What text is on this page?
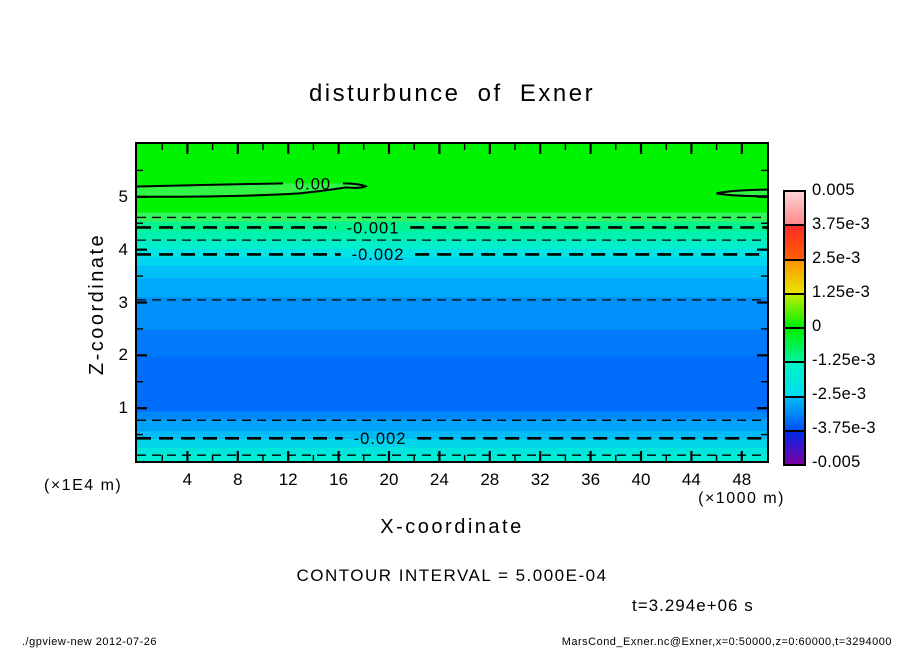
disturbunce of Exner
0.00
-0.001
-0.002
-0.002
Z-coordinate
X-coordinate
(×1E4 m)
(×1000 m)
CONTOUR INTERVAL = 5.000E-04
t=3.294e+06 s
./gpview-new 2012-07-26	MarsCond_Exner.nc@Exner,x=0:50000,z=0:60000,t=3294000
4	8	12	16	20	24	28	32	36	40	44	48
1
2
3
4
5	0.005
3.75e-3
2.5e-3
1.25e-3
0
-1.25e-3
-2.5e-3
-3.75e-3
-0.005
